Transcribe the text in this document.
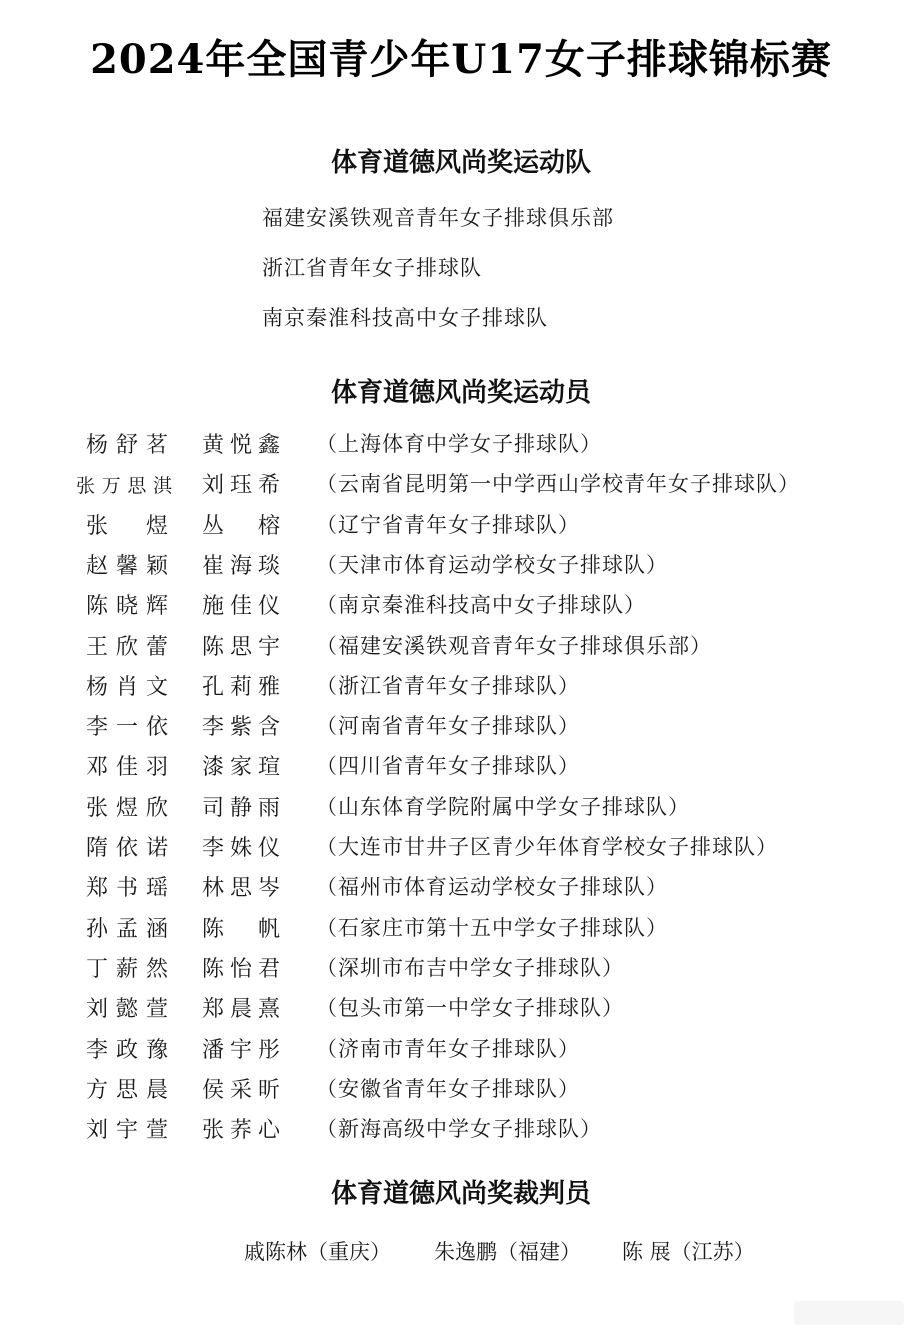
2024年全国青少年U17女子排球锦标赛
体育道德风尚奖运动队
福建安溪铁观音青年女子排球俱乐部
浙江省青年女子排球队
南京秦淮科技高中女子排球队
体育道德风尚奖运动员
杨舒茗 黄悦鑫 （上海体育中学女子排球队）
张万思淇 刘珏希 （云南省昆明第一中学西山学校青年女子排球队）
张煜 丛榕 （辽宁省青年女子排球队）
赵馨颖 崔海琰 （天津市体育运动学校女子排球队）
陈晓辉 施佳仪 （南京秦淮科技高中女子排球队）
王欣蕾 陈思宇 （福建安溪铁观音青年女子排球俱乐部）
杨肖文 孔莉雅 （浙江省青年女子排球队）
李一依 李紫含 （河南省青年女子排球队）
邓佳羽 漆家瑄 （四川省青年女子排球队）
张煜欣 司静雨 （山东体育学院附属中学女子排球队）
隋依诺 李姝仪 （大连市甘井子区青少年体育学校女子排球队）
郑书瑶 林思岑 （福州市体育运动学校女子排球队）
孙孟涵 陈帆 （石家庄市第十五中学女子排球队）
丁薪然 陈怡君 （深圳市布吉中学女子排球队）
刘懿萱 郑晨熹 （包头市第一中学女子排球队）
李政豫 潘宇彤 （济南市青年女子排球队）
方思晨 侯采昕 （安徽省青年女子排球队）
刘宇萱 张荞心 （新海高级中学女子排球队）
体育道德风尚奖裁判员
戚陈林（重庆） 朱逸鹏（福建） 陈 展（江苏）
